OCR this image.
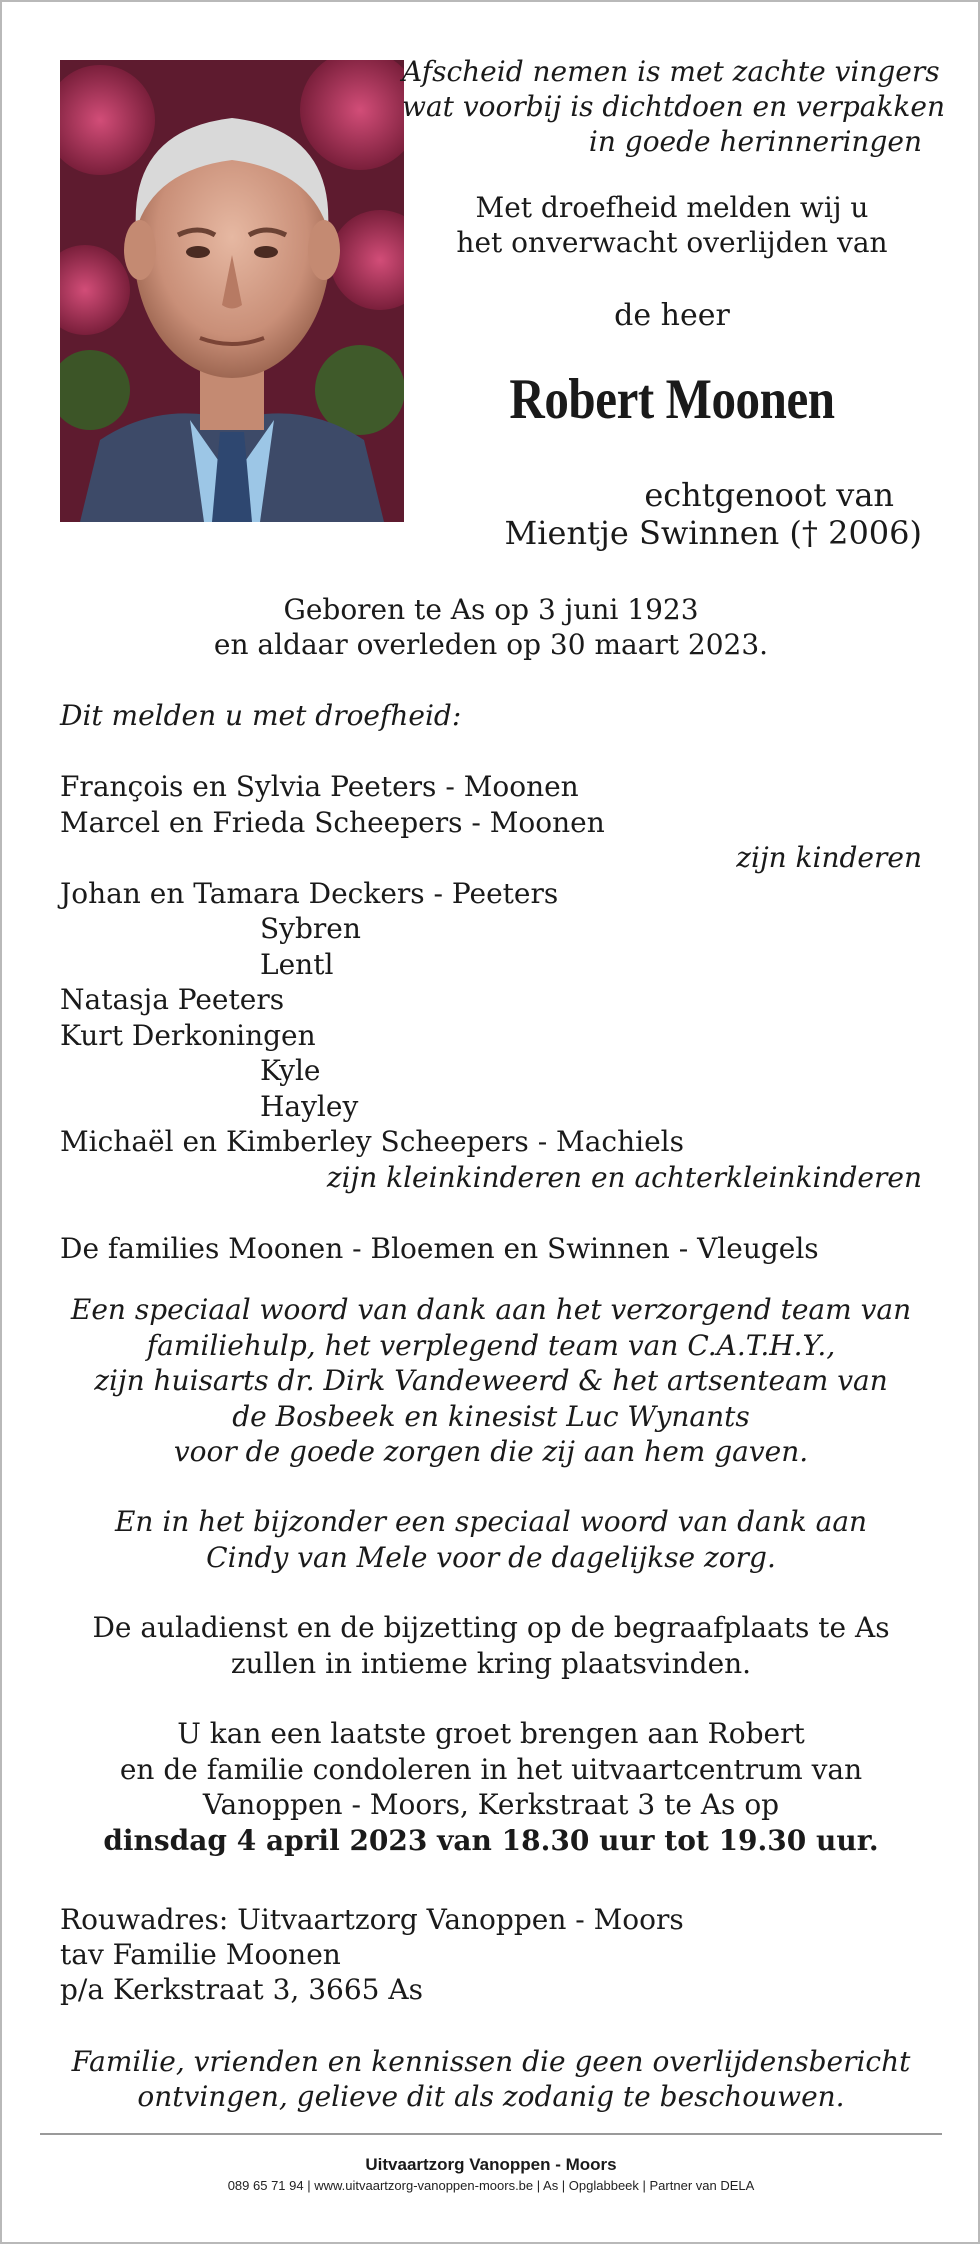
Afscheid nemen is met zachte vingers
wat voorbij is dichtdoen en verpakken
in goede herinneringen
Met droefheid melden wij u
het onverwacht overlijden van
de heer
Robert Moonen
echtgenoot van
Mientje Swinnen († 2006)
Geboren te As op 3 juni 1923
en aldaar overleden op 30 maart 2023.
Dit melden u met droefheid:
François en Sylvia Peeters - Moonen
Marcel en Frieda Scheepers - Moonen
zijn kinderen
Johan en Tamara Deckers - Peeters
Sybren
Lentl
Natasja Peeters
Kurt Derkoningen
Kyle
Hayley
Michaël en Kimberley Scheepers - Machiels
zijn kleinkinderen en achterkleinkinderen
De families Moonen - Bloemen en Swinnen - Vleugels
Een speciaal woord van dank aan het verzorgend team van
familiehulp, het verplegend team van C.A.T.H.Y.,
zijn huisarts dr. Dirk Vandeweerd & het artsenteam van
de Bosbeek en kinesist Luc Wynants
voor de goede zorgen die zij aan hem gaven.
En in het bijzonder een speciaal woord van dank aan
Cindy van Mele voor de dagelijkse zorg.
De auladienst en de bijzetting op de begraafplaats te As
zullen in intieme kring plaatsvinden.
U kan een laatste groet brengen aan Robert
en de familie condoleren in het uitvaartcentrum van
Vanoppen - Moors, Kerkstraat 3 te As op
dinsdag 4 april 2023 van 18.30 uur tot 19.30 uur.
Rouwadres: Uitvaartzorg Vanoppen - Moors
tav Familie Moonen
p/a Kerkstraat 3, 3665 As
Familie, vrienden en kennissen die geen overlijdensbericht
ontvingen, gelieve dit als zodanig te beschouwen.
Uitvaartzorg Vanoppen - Moors
089 65 71 94 | www.uitvaartzorg-vanoppen-moors.be | As | Opglabbeek | Partner van DELA
